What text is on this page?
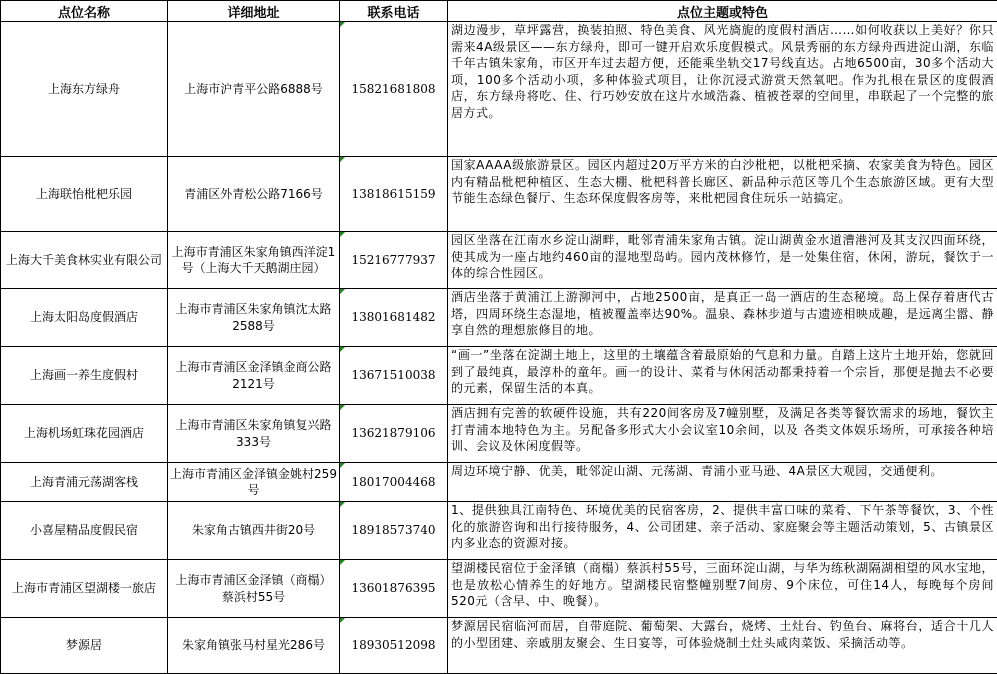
点位名称	详细地址	联系电话	点位主题或特色
上海东方绿舟	上海市沪青平公路6888号	15821681808	湖边漫步，草坪露营，换装拍照、特色美食、风光旖旎的度假村酒店……如何收获以上美好？你只需来4A级景区——东方绿舟，即可一键开启欢乐度假模式。风景秀丽的东方绿舟西进淀山湖，东临千年古镇朱家角，市区开车过去超方便，还能乘坐轨交17号线直达。占地6500亩，30多个活动大项，100多个活动小项，多种体验式项目，让你沉浸式游赏天然氧吧。作为扎根在景区的度假酒店，东方绿舟将吃、住、行巧妙安放在这片水域浩淼、植被苍翠的空间里，串联起了一个完整的旅居方式。
上海联怡枇杷乐园	青浦区外青松公路7166号	13818615159	国家AAAA级旅游景区。园区内超过20万平方米的白沙枇杷，以枇杷采摘、农家美食为特色。园区内有精品枇杷种植区、生态大棚、枇杷科普长廊区、新品种示范区等几个生态旅游区域。更有大型节能生态绿色餐厅、生态环保度假客房等，来枇杷园食住玩乐一站搞定。
上海大千美食林实业有限公司	上海市青浦区朱家角镇西洋淀1号（上海大千天鹅湖庄园）	15216777937	园区坐落在江南水乡淀山湖畔，毗邻青浦朱家角古镇。淀山湖黄金水道漕港河及其支汉四面环绕，使其成为一座占地约460亩的湿地型岛屿。园内茂林修竹，是一处集住宿，休闲，游玩，餐饮于一体的综合性园区。
上海太阳岛度假酒店	上海市青浦区朱家角镇沈太路2588号	13801681482	酒店坐落于黄浦江上游泖河中，占地2500亩，是真正一岛一酒店的生态秘境。岛上保存着唐代古塔，四周环绕生态湿地，植被覆盖率达90%。温泉、森林步道与古遗迹相映成趣，是远离尘嚣、静享自然的理想旅修目的地。
上海画一养生度假村	上海市青浦区金泽镇金商公路2121号	13671510038	“画一”坐落在淀湖土地上，这里的土壤蕴含着最原始的气息和力量。自踏上这片土地开始，您就回到了最纯真，最淳朴的童年。画一的设计、菜肴与休闲活动都秉持着一个宗旨，那便是抛去不必要的元素，保留生活的本真。
上海机场虹珠花园酒店	上海市青浦区朱家角镇复兴路333号	13621879106	酒店拥有完善的软硬件设施，共有220间客房及7幢别墅，及满足各类等餐饮需求的场地，餐饮主打青浦本地特色为主。另配备多形式大小会议室10余间，以及 各类文体娱乐场所，可承接各种培训、会议及休闲度假等。
上海青浦元荡湖客栈	上海市青浦区金泽镇金姚村259号	18017004468	周边环境宁静、优美，毗邻淀山湖、元荡湖、青浦小亚马逊、4A景区大观园，交通便利。
小喜屋精品度假民宿	朱家角古镇西井街20号	18918573740	1、提供独具江南特色、环境优美的民宿客房，2、提供丰富口味的菜肴、下午茶等餐饮，3、个性化的旅游咨询和出行接待服务，4、公司团建、亲子活动、家庭聚会等主题活动策划，5、古镇景区内多业态的资源对接。
上海市青浦区望湖楼一旅店	上海市青浦区金泽镇（商榻）蔡浜村55号	13601876395	望湖楼民宿位于金泽镇（商榻）蔡浜村55号，三面环淀山湖，与华为练秋湖隔湖相望的风水宝地，也是放松心情养生的好地方。望湖楼民宿整幢别墅7间房、9个床位，可住14人，每晚每个房间520元（含早、中、晚餐）。
梦源居	朱家角镇张马村星光286号	18930512098	梦源居民宿临河而居，自带庭院、葡萄架、大露台，烧烤、土灶台、钓鱼台、麻将台，适合十几人的小型团建、亲戚朋友聚会、生日宴等，可体验烧制土灶头咸肉菜饭、采摘活动等。
